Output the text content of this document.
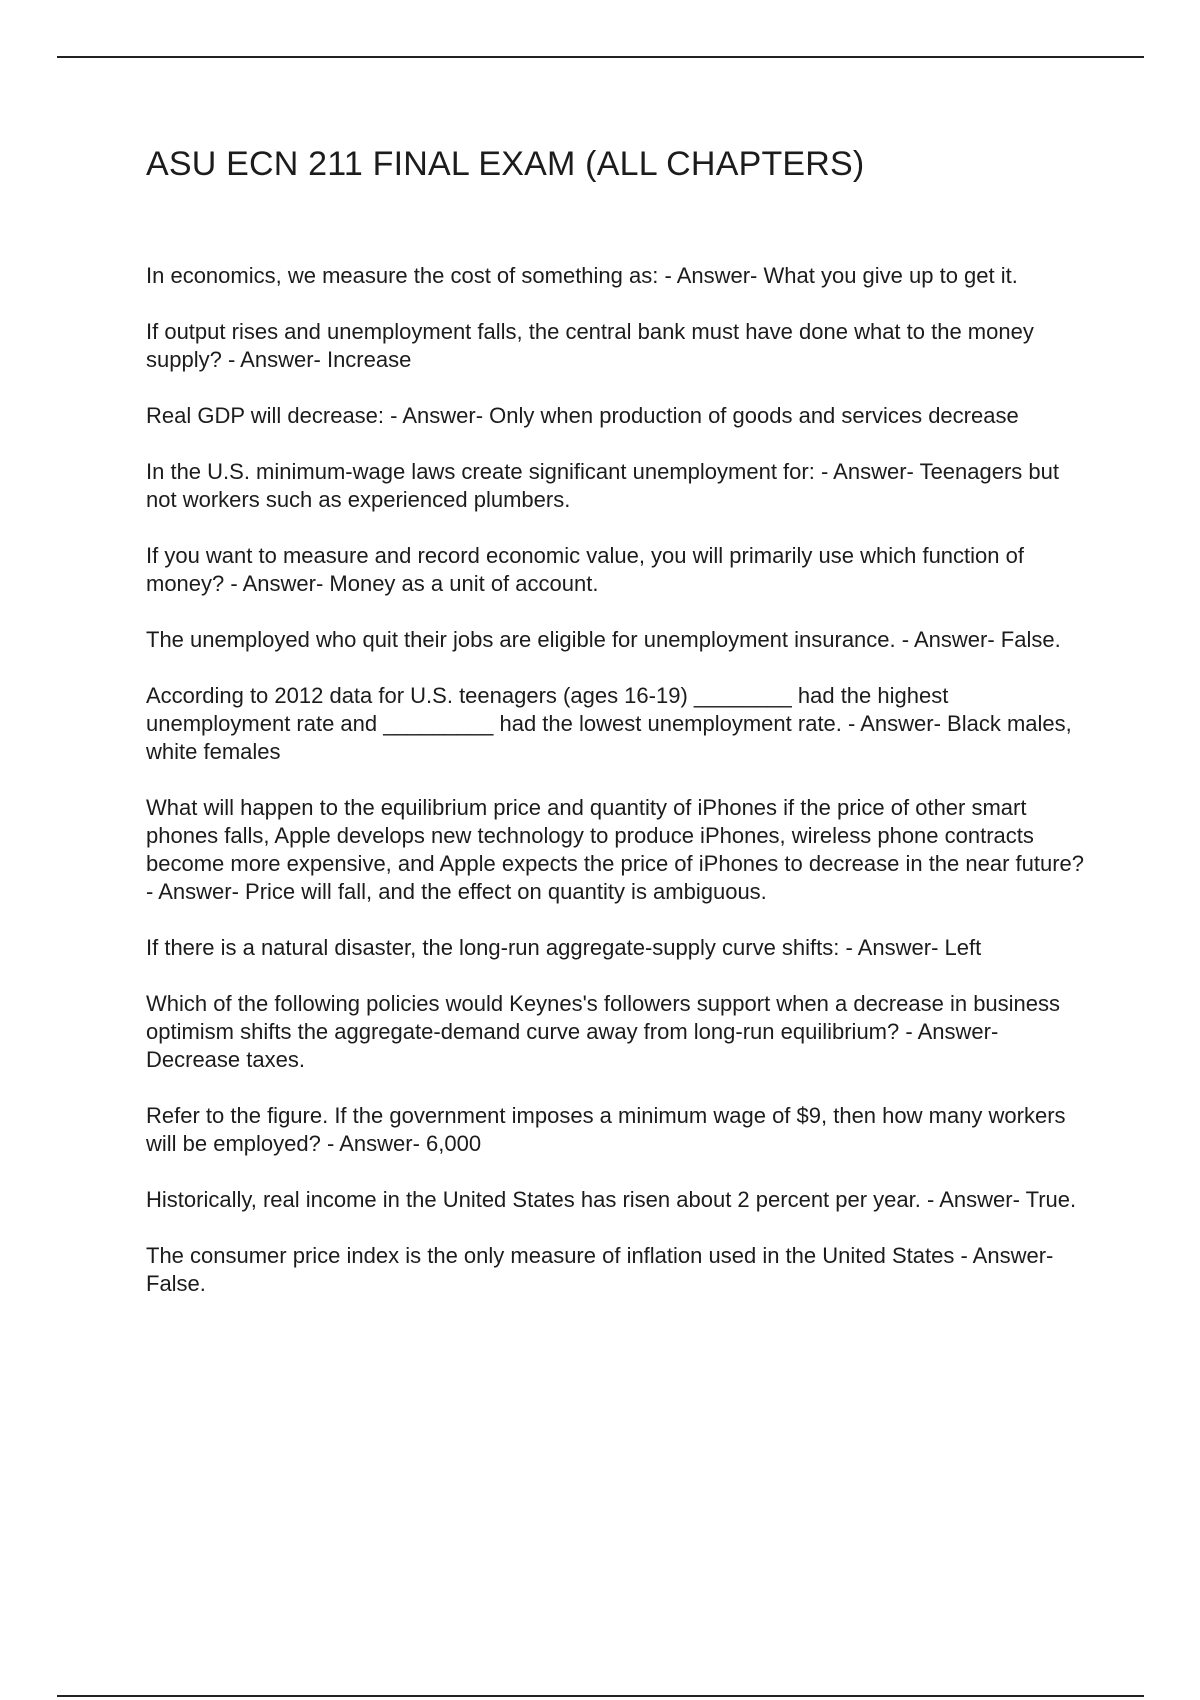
ASU ECN 211 FINAL EXAM (ALL CHAPTERS)
In economics, we measure the cost of something as: - Answer- What you give up to get it.
If output rises and unemployment falls, the central bank must have done what to the money supply? - Answer- Increase
Real GDP will decrease: - Answer- Only when production of goods and services decrease
In the U.S. minimum-wage laws create significant unemployment for: - Answer- Teenagers but not workers such as experienced plumbers.
If you want to measure and record economic value, you will primarily use which function of money? - Answer- Money as a unit of account.
The unemployed who quit their jobs are eligible for unemployment insurance. - Answer- False.
According to 2012 data for U.S. teenagers (ages 16-19) ________ had the highest unemployment rate and _________ had the lowest unemployment rate. - Answer- Black males, white females
What will happen to the equilibrium price and quantity of iPhones if the price of other smart phones falls, Apple develops new technology to produce iPhones, wireless phone contracts become more expensive, and Apple expects the price of iPhones to decrease in the near future? - Answer- Price will fall, and the effect on quantity is ambiguous.
If there is a natural disaster, the long-run aggregate-supply curve shifts: - Answer- Left
Which of the following policies would Keynes's followers support when a decrease in business optimism shifts the aggregate-demand curve away from long-run equilibrium? - Answer- Decrease taxes.
Refer to the figure. If the government imposes a minimum wage of $9, then how many workers will be employed? - Answer- 6,000
Historically, real income in the United States has risen about 2 percent per year. - Answer- True.
The consumer price index is the only measure of inflation used in the United States - Answer- False.
